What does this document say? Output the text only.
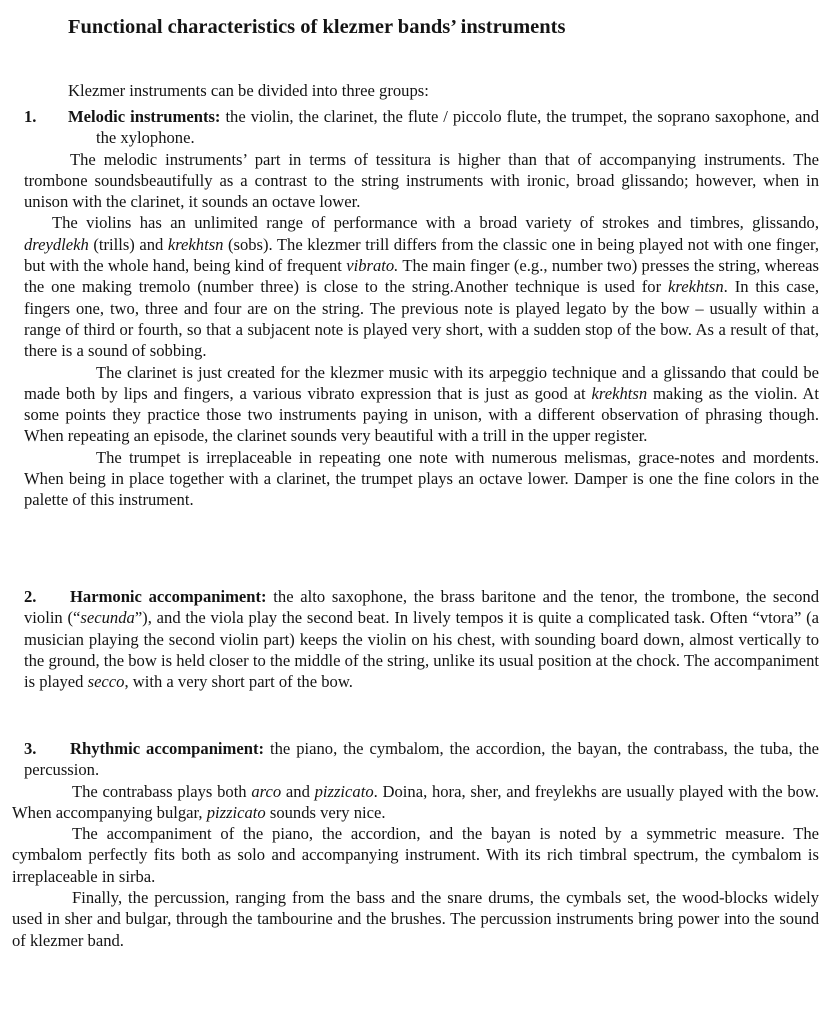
Functional characteristics of klezmer bands’ instruments

Klezmer instruments can be divided into three groups:

1. Melodic instruments: the violin, the clarinet, the flute / piccolo flute, the trumpet, the soprano saxophone, and the xylophone.

The melodic instruments’ part in terms of tessitura is higher than that of accompanying instruments. The trombone soundsbeautifully as a contrast to the string instruments with ironic, broad glissando; however, when in unison with the clarinet, it sounds an octave lower.

The violins has an unlimited range of performance with a broad variety of strokes and timbres, glissando, dreydlekh (trills) and krekhtsn (sobs). The klezmer trill differs from the classic one in being played not with one finger, but with the whole hand, being kind of frequent vibrato. The main finger (e.g., number two) presses the string, whereas the one making tremolo (number three) is close to the string.Another technique is used for krekhtsn. In this case, fingers one, two, three and four are on the string. The previous note is played legato by the bow – usually within a range of third or fourth, so that a subjacent note is played very short, with a sudden stop of the bow. As a result of that, there is a sound of sobbing.

The clarinet is just created for the klezmer music with its arpeggio technique and a glissando that could be made both by lips and fingers, a various vibrato expression that is just as good at krekhtsn making as the violin. At some points they practice those two instruments paying in unison, with a different observation of phrasing though. When repeating an episode, the clarinet sounds very beautiful with a trill in the upper register.

The trumpet is irreplaceable in repeating one note with numerous melismas, grace-notes and mordents. When being in place together with a clarinet, the trumpet plays an octave lower. Damper is one the fine colors in the palette of this instrument.

2.	Harmonic accompaniment: the alto saxophone, the brass baritone and the tenor, the trombone, the second violin (“secunda”), and the viola play the second beat. In lively tempos it is quite a complicated task. Often “vtora” (a musician playing the second violin part) keeps the violin on his chest, with sounding board down, almost vertically to the ground, the bow is held closer to the middle of the string, unlike its usual position at the chock. The accompaniment is played secco, with a very short part of the bow.

3.	Rhythmic accompaniment: the piano, the cymbalom, the accordion, the bayan, the contrabass, the tuba, the percussion.

The contrabass plays both arco and pizzicato. Doina, hora, sher, and freylekhs are usually played with the bow. When accompanying bulgar, pizzicato sounds very nice.

The accompaniment of the piano, the accordion, and the bayan is noted by a symmetric measure. The cymbalom perfectly fits both as solo and accompanying instrument. With its rich timbral spectrum, the cymbalom is irreplaceable in sirba.

Finally, the percussion, ranging from the bass and the snare drums, the cymbals set, the wood-blocks widely used in sher and bulgar, through the tambourine and the brushes. The percussion instruments bring power into the sound of klezmer band.
